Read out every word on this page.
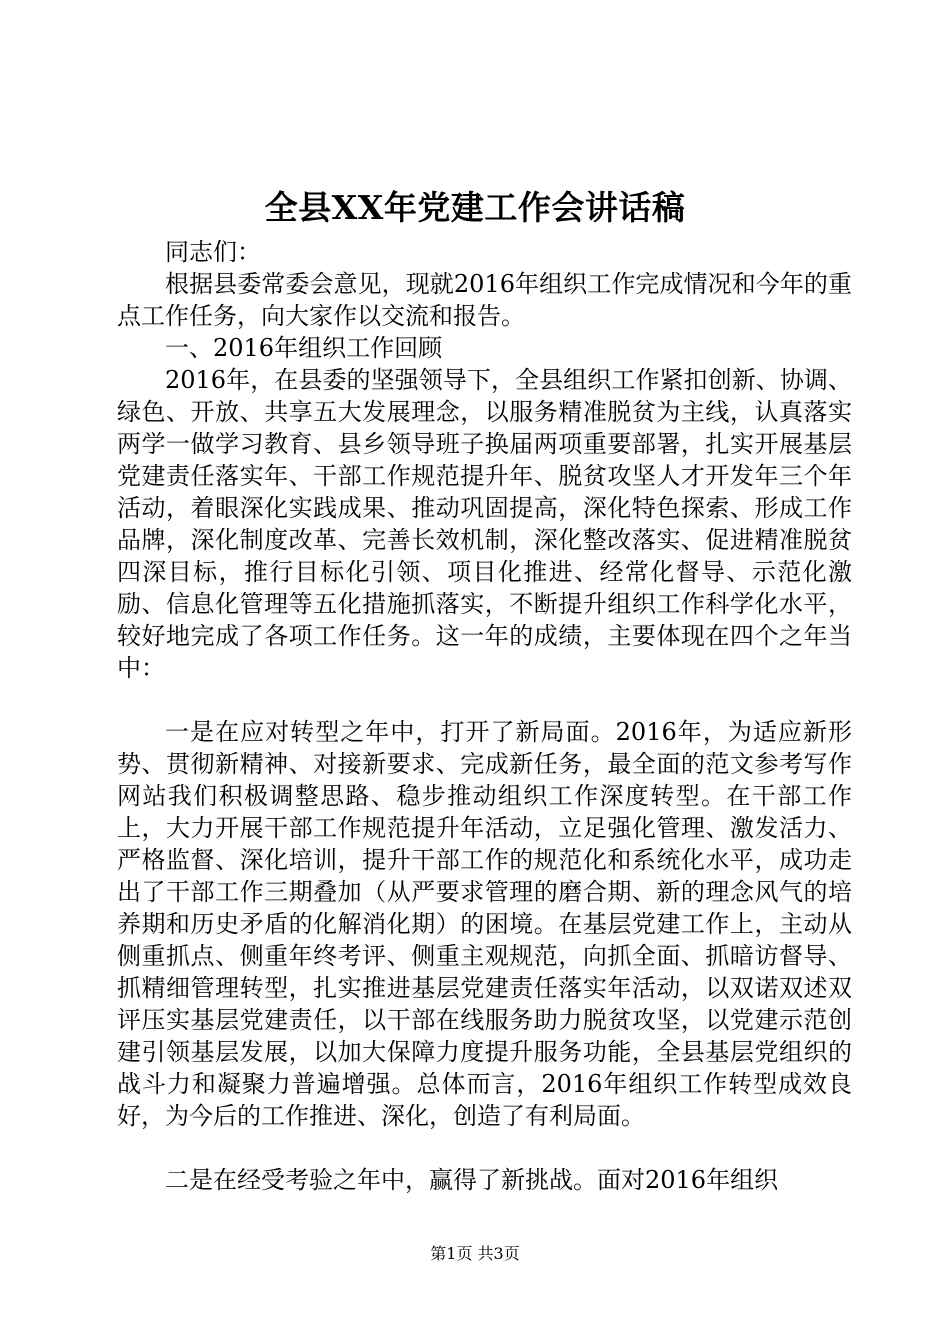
全县XX年党建工作会讲话稿

同志们：

根据县委常委会意见，现就2016年组织工作完成情况和今年的重点工作任务，向大家作以交流和报告。

一、2016年组织工作回顾

2016年，在县委的坚强领导下，全县组织工作紧扣创新、协调、绿色、开放、共享五大发展理念，以服务精准脱贫为主线，认真落实两学一做学习教育、县乡领导班子换届两项重要部署，扎实开展基层党建责任落实年、干部工作规范提升年、脱贫攻坚人才开发年三个年活动，着眼深化实践成果、推动巩固提高，深化特色探索、形成工作品牌，深化制度改革、完善长效机制，深化整改落实、促进精准脱贫四深目标，推行目标化引领、项目化推进、经常化督导、示范化激励、信息化管理等五化措施抓落实，不断提升组织工作科学化水平，较好地完成了各项工作任务。这一年的成绩，主要体现在四个之年当中：

一是在应对转型之年中，打开了新局面。2016年，为适应新形势、贯彻新精神、对接新要求、完成新任务，最全面的范文参考写作网站我们积极调整思路、稳步推动组织工作深度转型。在干部工作上，大力开展干部工作规范提升年活动，立足强化管理、激发活力、严格监督、深化培训，提升干部工作的规范化和系统化水平，成功走出了干部工作三期叠加（从严要求管理的磨合期、新的理念风气的培养期和历史矛盾的化解消化期）的困境。在基层党建工作上，主动从侧重抓点、侧重年终考评、侧重主观规范，向抓全面、抓暗访督导、抓精细管理转型，扎实推进基层党建责任落实年活动，以双诺双述双评压实基层党建责任，以干部在线服务助力脱贫攻坚，以党建示范创建引领基层发展，以加大保障力度提升服务功能，全县基层党组织的战斗力和凝聚力普遍增强。总体而言，2016年组织工作转型成效良好，为今后的工作推进、深化，创造了有利局面。

二是在经受考验之年中，赢得了新挑战。面对2016年组织

第1页 共3页
